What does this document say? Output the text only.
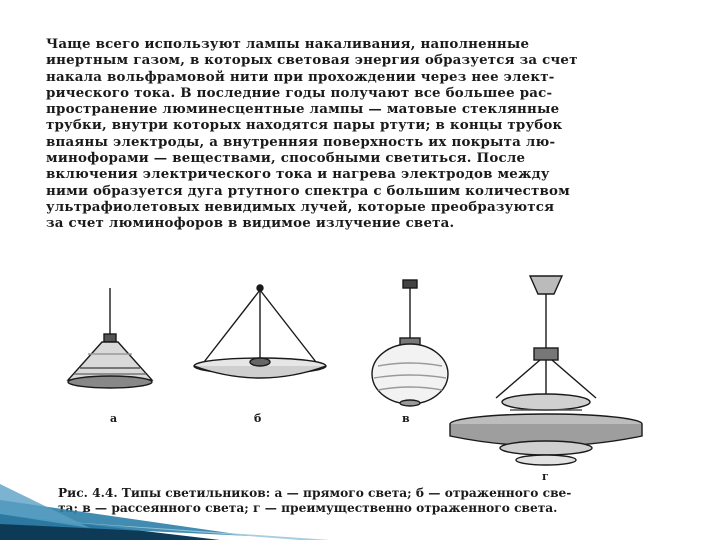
Чаще всего используют лампы накаливания, наполненные
инертным газом, в которых световая энергия образуется за счет
накала вольфрамовой нити при прохождении через нее элект-
рического тока. В последние годы получают все большее рас-
пространение люминесцентные лампы — матовые стеклянные
трубки, внутри которых находятся пары ртути; в концы трубок
впаяны электроды, а внутренняя поверхность их покрыта лю-
минофорами — веществами, способными светиться. После
включения электрического тока и нагрева электродов между
ними образуется дуга ртутного спектра с большим количеством
ультрафиолетовых невидимых лучей, которые преобразуются
за счет люминофоров в видимое излучение света.
а	б	в
г
Рис. 4.4. Типы светильников: а — прямого света; б — отраженного све-
та; в — рассеянного света; г — преимущественно отраженного света.
